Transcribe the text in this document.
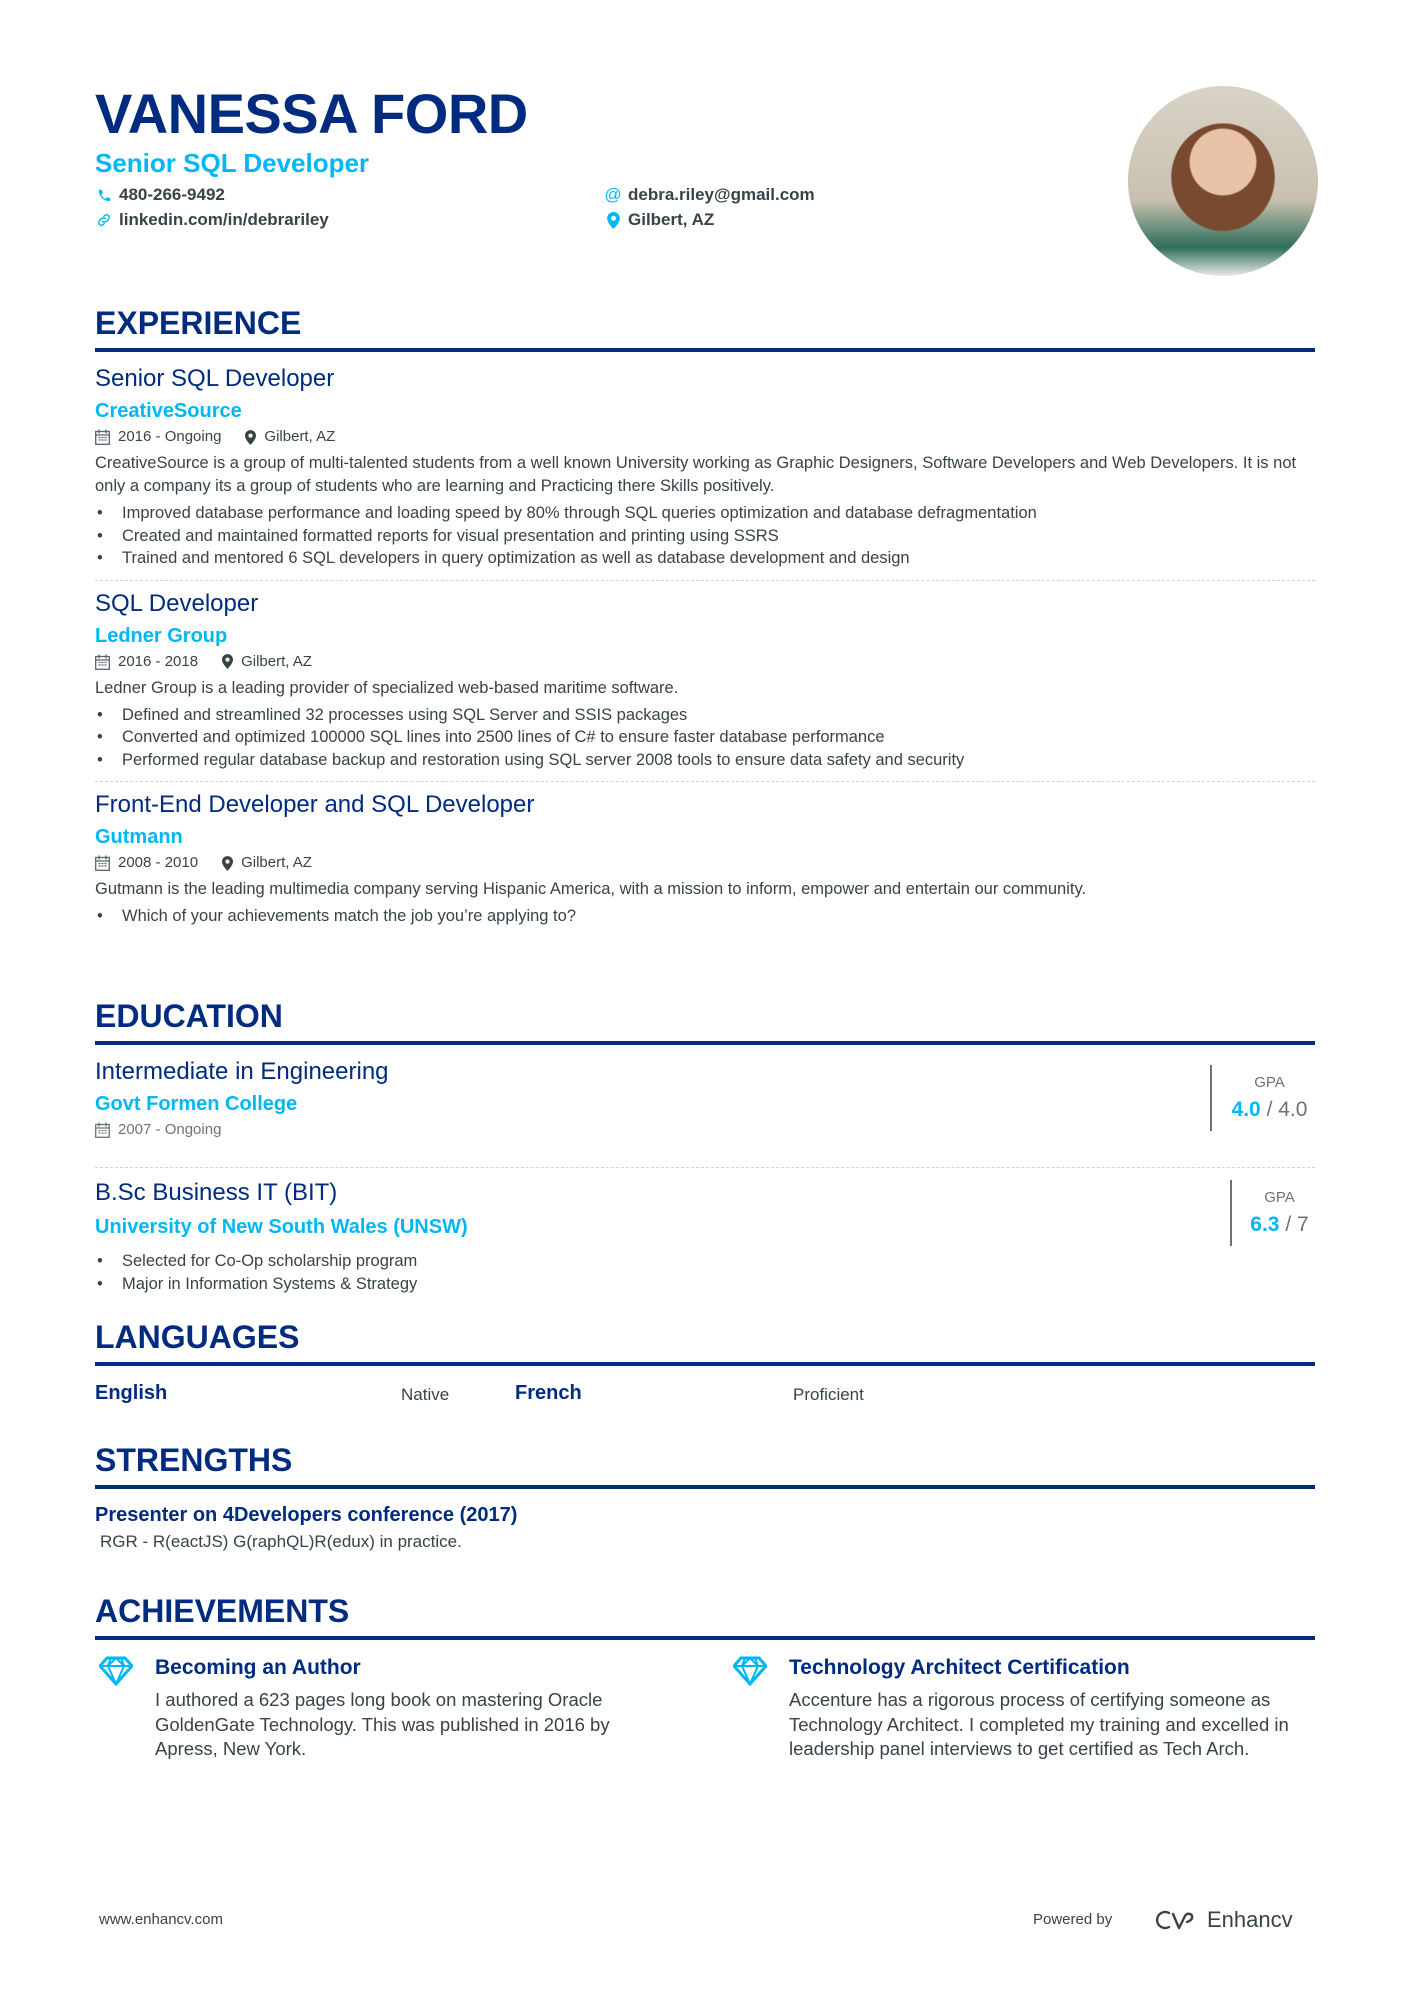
VANESSA FORD
Senior SQL Developer
480-266-9492
linkedin.com/in/debrariley
@ debra.riley@gmail.com
Gilbert, AZ
EXPERIENCE
Senior SQL Developer
CreativeSource
2016 - Ongoing	Gilbert, AZ
CreativeSource is a group of multi-talented students from a well known University working as Graphic Designers, Software Developers and Web Developers. It is not only a company its a group of students who are learning and Practicing there Skills positively.
• Improved database performance and loading speed by 80% through SQL queries optimization and database defragmentation
• Created and maintained formatted reports for visual presentation and printing using SSRS
• Trained and mentored 6 SQL developers in query optimization as well as database development and design
SQL Developer
Ledner Group
2016 - 2018	Gilbert, AZ
Ledner Group is a leading provider of specialized web-based maritime software.
• Defined and streamlined 32 processes using SQL Server and SSIS packages
• Converted and optimized 100000 SQL lines into 2500 lines of C# to ensure faster database performance
• Performed regular database backup and restoration using SQL server 2008 tools to ensure data safety and security
Front-End Developer and SQL Developer
Gutmann
2008 - 2010	Gilbert, AZ
Gutmann is the leading multimedia company serving Hispanic America, with a mission to inform, empower and entertain our community.
• Which of your achievements match the job you’re applying to?
EDUCATION
Intermediate in Engineering
Govt Formen College
2007 - Ongoing
GPA
4.0 / 4.0
B.Sc Business IT (BIT)
University of New South Wales (UNSW)
• Selected for Co-Op scholarship program
• Major in Information Systems & Strategy
GPA
6.3 / 7
LANGUAGES
English	Native	French	Proficient
STRENGTHS
Presenter on 4Developers conference (2017)
RGR - R(eactJS) G(raphQL)R(edux) in practice.
ACHIEVEMENTS
Becoming an Author
I authored a 623 pages long book on mastering Oracle GoldenGate Technology. This was published in 2016 by Apress, New York.
Technology Architect Certification
Accenture has a rigorous process of certifying someone as Technology Architect. I completed my training and excelled in leadership panel interviews to get certified as Tech Arch.
www.enhancv.com	Powered by	Enhancv
